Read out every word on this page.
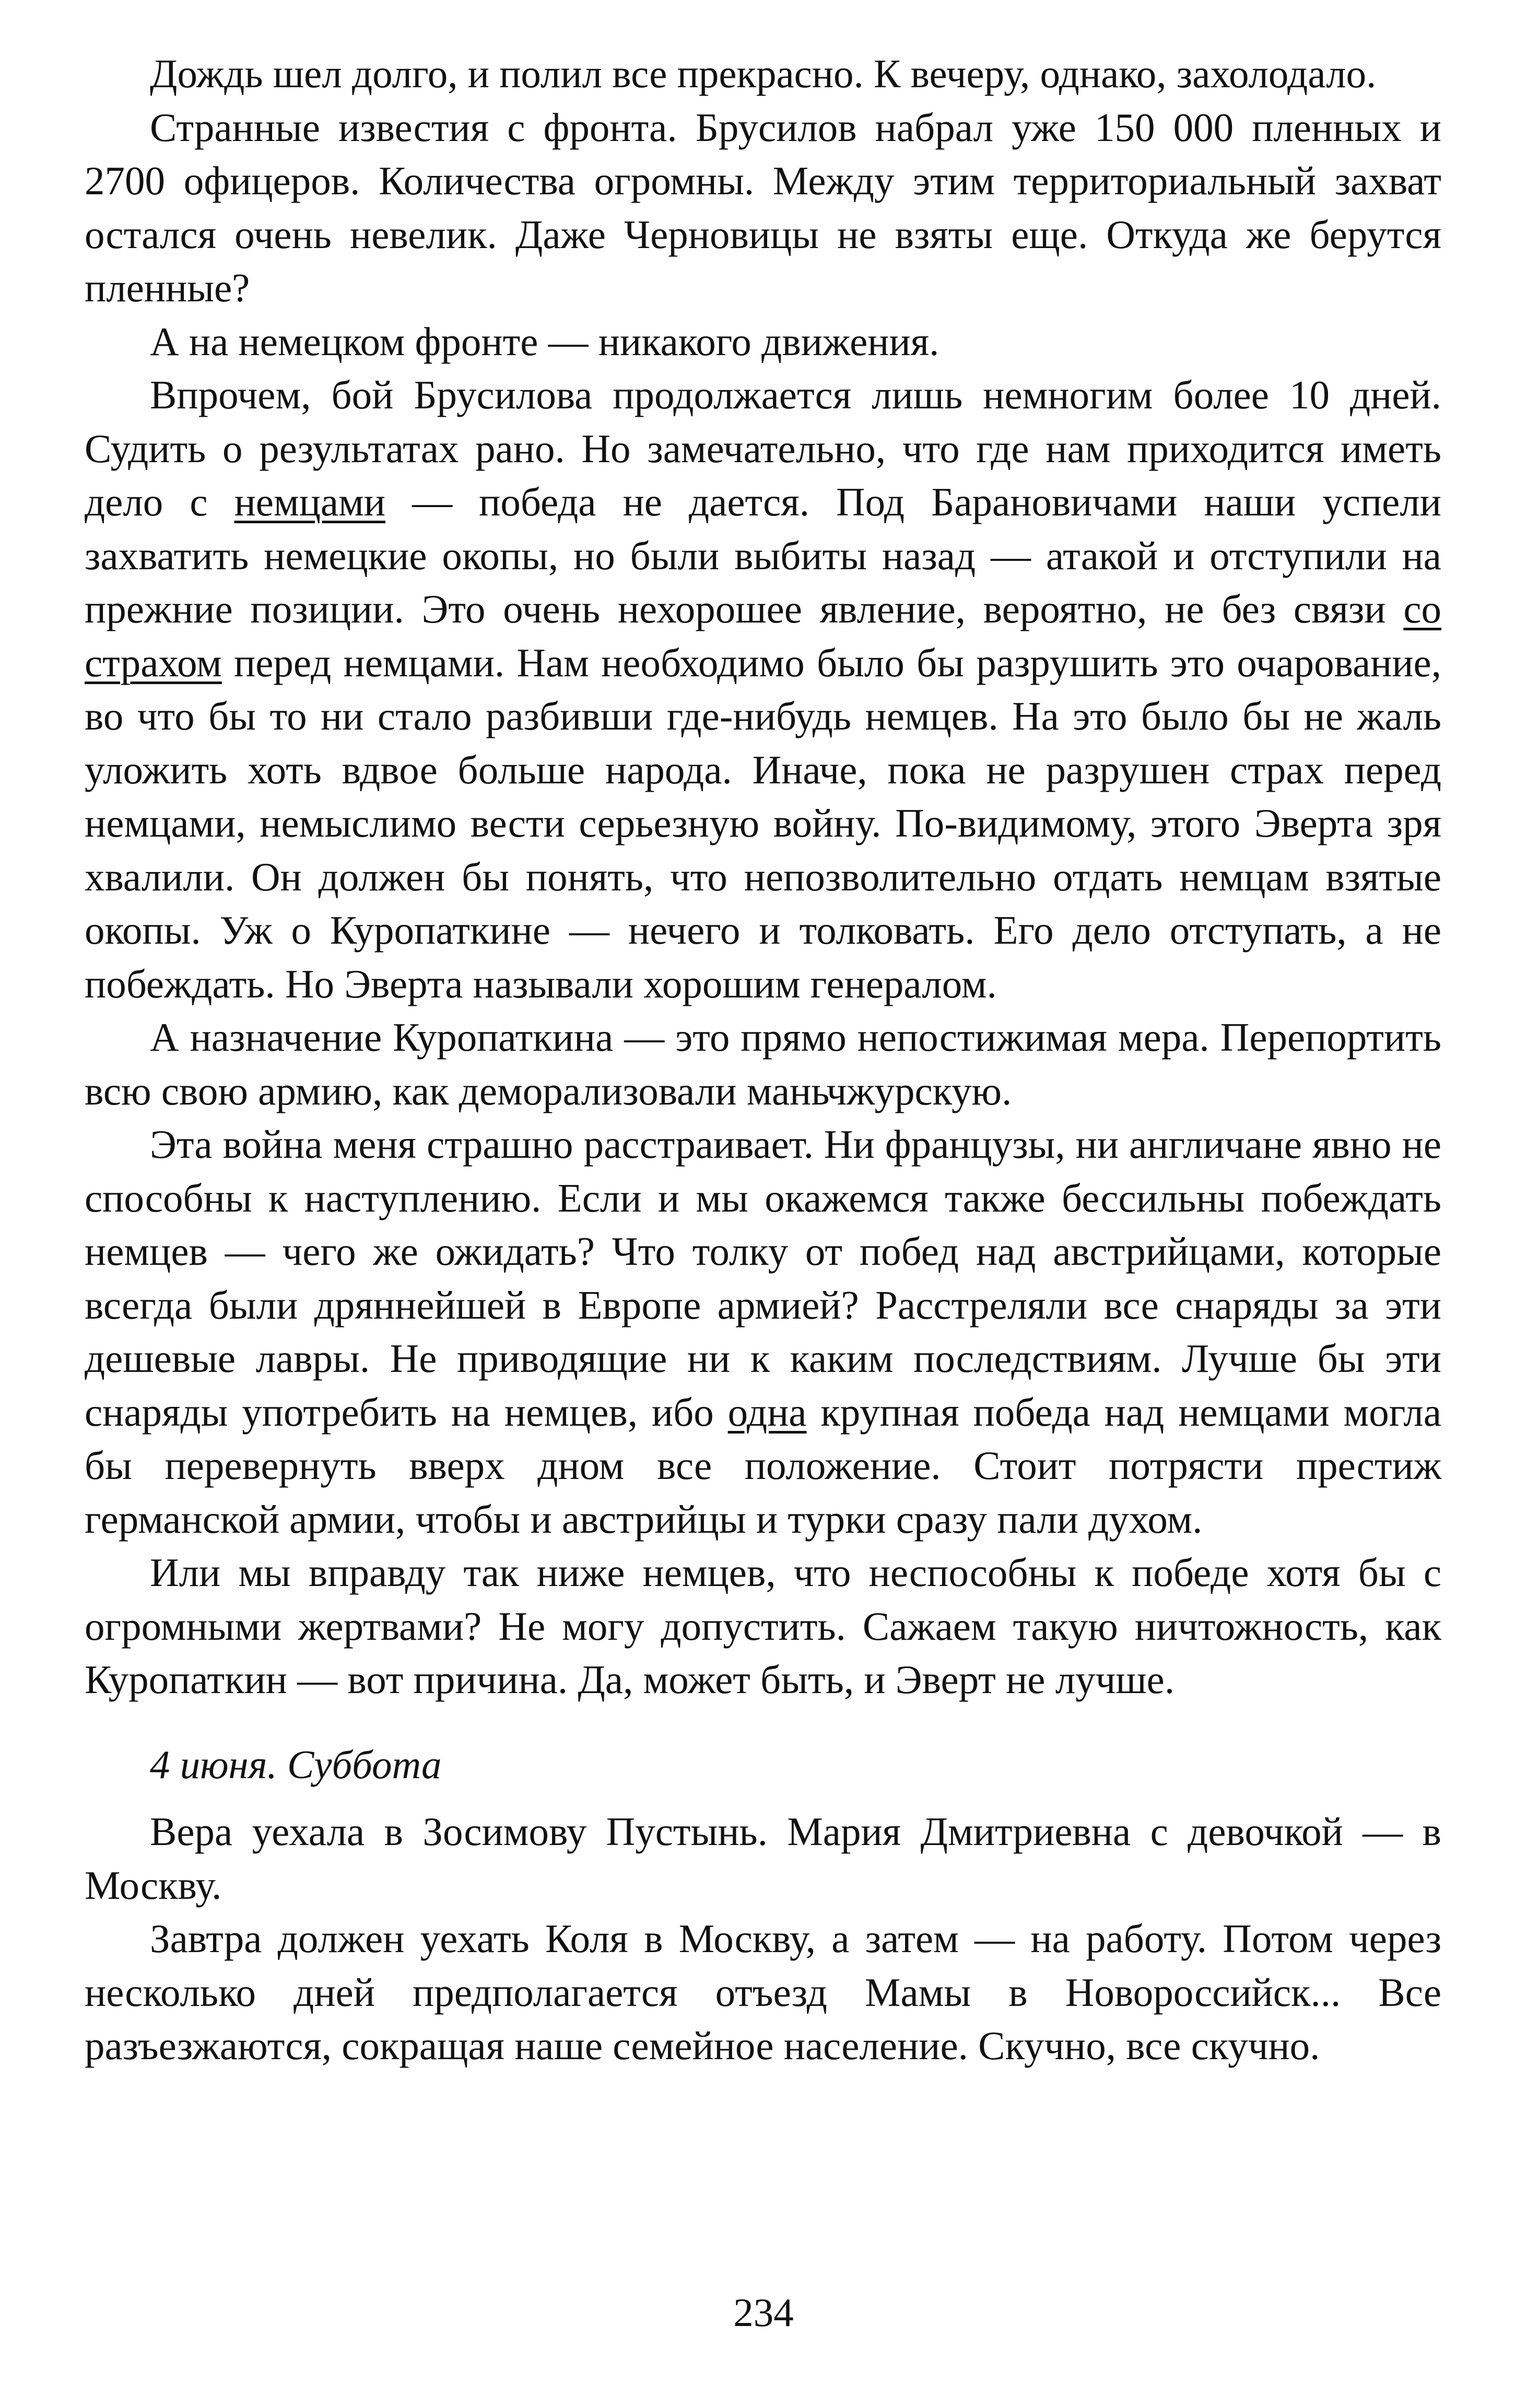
Дождь шел долго, и полил все прекрасно. К вечеру, однако, захолодало.

Странные известия с фронта. Брусилов набрал уже 150 000 пленных и 2700 офицеров. Количества огромны. Между этим территориальный захват остался очень невелик. Даже Черновицы не взяты еще. Откуда же берутся пленные?

А на немецком фронте — никакого движения.

Впрочем, бой Брусилова продолжается лишь немногим более 10 дней. Судить о результатах рано. Но замечательно, что где нам приходится иметь дело с немцами — победа не дается. Под Барановичами наши успели захватить немецкие окопы, но были выбиты назад — атакой и отступили на прежние позиции. Это очень нехорошее явление, вероятно, не без связи со страхом перед немцами. Нам необходимо было бы разрушить это очарование, во что бы то ни стало разбивши где-нибудь немцев. На это было бы не жаль уложить хоть вдвое больше народа. Иначе, пока не разрушен страх перед немцами, немыслимо вести серьезную войну. По-видимому, этого Эверта зря хвалили. Он должен бы понять, что непозволительно отдать немцам взятые окопы. Уж о Куропаткине — нечего и толковать. Его дело отступать, а не побеждать. Но Эверта называли хорошим генералом.

А назначение Куропаткина — это прямо непостижимая мера. Перепортить всю свою армию, как деморализовали маньчжурскую.

Эта война меня страшно расстраивает. Ни французы, ни англичане явно не способны к наступлению. Если и мы окажемся также бессильны побеждать немцев — чего же ожидать? Что толку от побед над австрийцами, которые всегда были дряннейшей в Европе армией? Расстреляли все снаряды за эти дешевые лавры. Не приводящие ни к каким последствиям. Лучше бы эти снаряды употребить на немцев, ибо одна крупная победа над немцами могла бы перевернуть вверх дном все положение. Стоит потрясти престиж германской армии, чтобы и австрийцы и турки сразу пали духом.

Или мы вправду так ниже немцев, что неспособны к победе хотя бы с огромными жертвами? Не могу допустить. Сажаем такую ничтожность, как Куропаткин — вот причина. Да, может быть, и Эверт не лучше.

4 июня. Суббота

Вера уехала в Зосимову Пустынь. Мария Дмитриевна с девочкой — в Москву.

Завтра должен уехать Коля в Москву, а затем — на работу. Потом через несколько дней предполагается отъезд Мамы в Новороссийск... Все разъезжаются, сокращая наше семейное население. Скучно, все скучно.

234
